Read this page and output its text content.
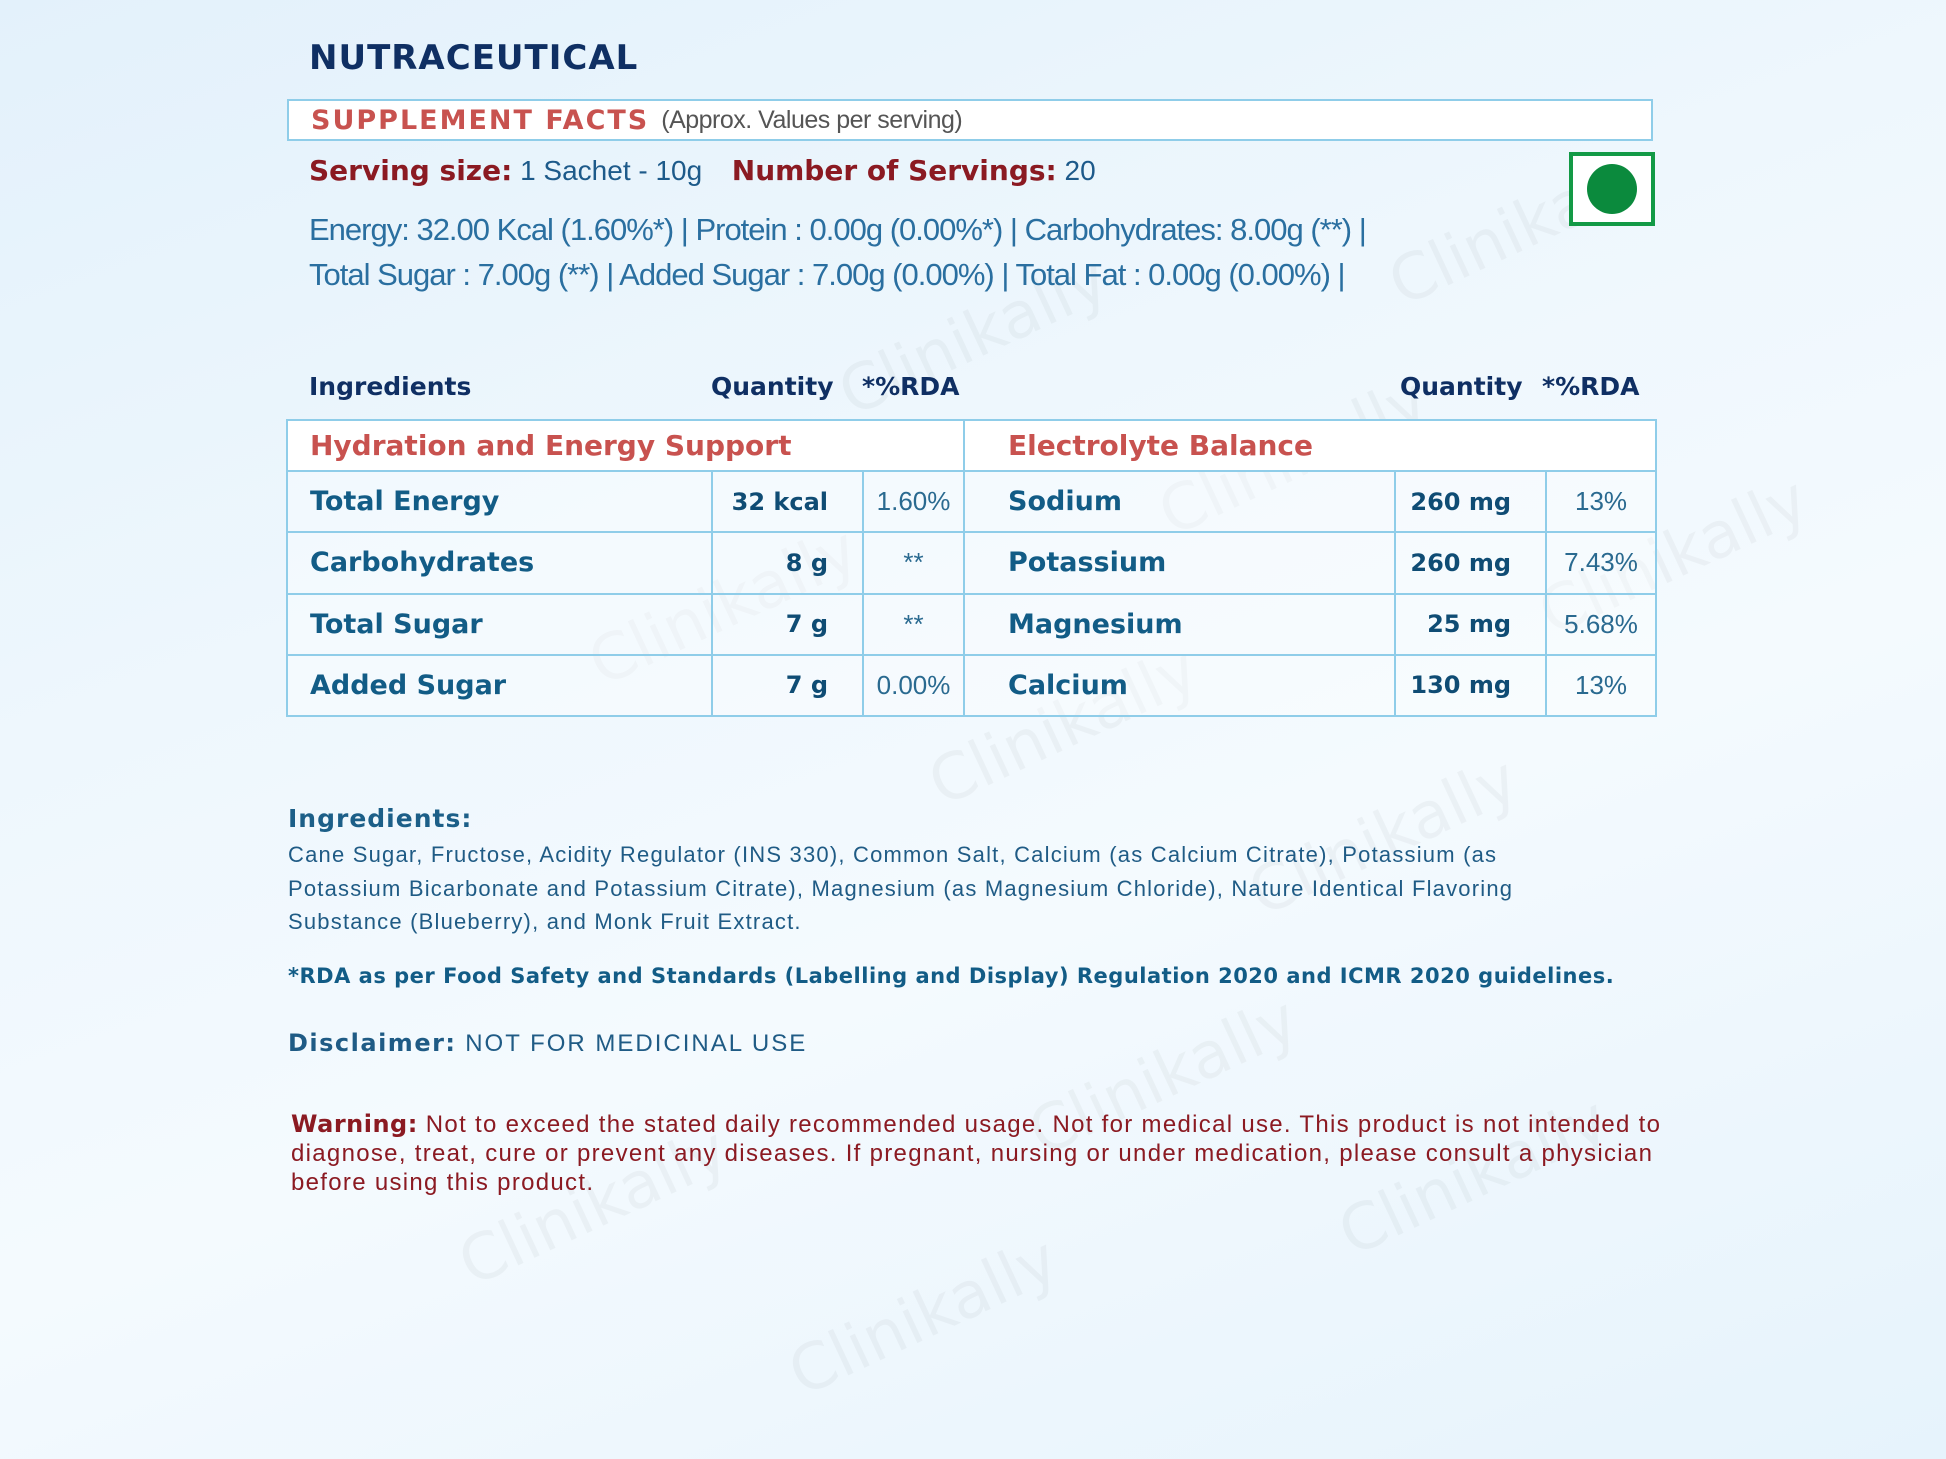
NUTRACEUTICAL
SUPPLEMENT FACTS (Approx. Values per serving)
Serving size: 1 Sachet - 10g Number of Servings: 20
Energy: 32.00 Kcal (1.60%*) | Protein : 0.00g (0.00%*) | Carbohydrates: 8.00g (**) |
Total Sugar : 7.00g (**) | Added Sugar : 7.00g (0.00%) | Total Fat : 0.00g (0.00%) |
Ingredients	Quantity *%RDA	Quantity *%RDA
Hydration and Energy Support			Electrolyte Balance		
Total Energy	32 kcal	1.60%	Sodium	260 mg	13%
Carbohydrates	8 g	**	Potassium	260 mg	7.43%
Total Sugar	7 g	**	Magnesium	25 mg	5.68%
Added Sugar	7 g	0.00%	Calcium	130 mg	13%
Ingredients:
Cane Sugar, Fructose, Acidity Regulator (INS 330), Common Salt, Calcium (as Calcium Citrate), Potassium (as Potassium Bicarbonate and Potassium Citrate), Magnesium (as Magnesium Chloride), Nature Identical Flavoring Substance (Blueberry), and Monk Fruit Extract.
*RDA as per Food Safety and Standards (Labelling and Display) Regulation 2020 and ICMR 2020 guidelines.
Disclaimer: NOT FOR MEDICINAL USE
Warning: Not to exceed the stated daily recommended usage. Not for medical use. This product is not intended to diagnose, treat, cure or prevent any diseases. If pregnant, nursing or under medication, please consult a physician before using this product.
